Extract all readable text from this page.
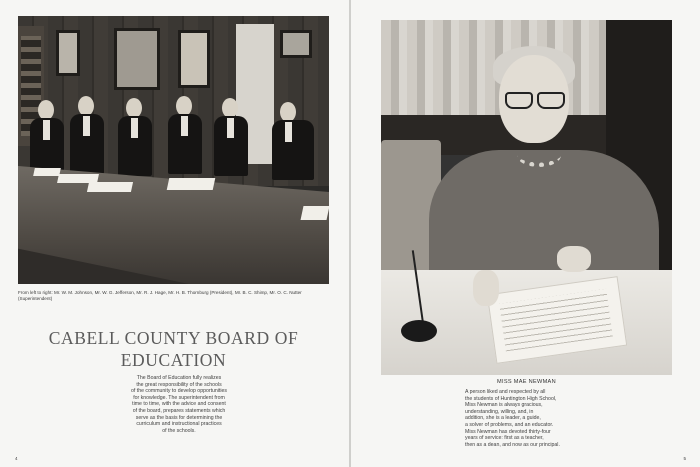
From left to right: Mr. W. M. Johnson, Mr. W. G. Jefferson, Mr. R. J. Hage, Mr. H. B. Thornburg (President), Mr. B. C. Shimp, Mr. O. C. Nutter (Superintendent)
CABELL COUNTY BOARD OF
EDUCATION
The Board of Education fully realizes
the great responsibility of the schools
of the community to develop opportunities
for knowledge. The superintendent from
time to time, with the advice and consent
of the board, prepares statements which
serve as the basis for determining the
curriculum and instructional practices
of the schools.
4
MISS MAE NEWMAN
A person liked and respected by all
the students of Huntington High School,
Miss Newman is always gracious,
understanding, willing, and, in
addition, she is a leader, a guide,
a solver of problems, and an educator.
Miss Newman has devoted thirty-four
years of service: first as a teacher,
then as a dean, and now as our principal.
5
